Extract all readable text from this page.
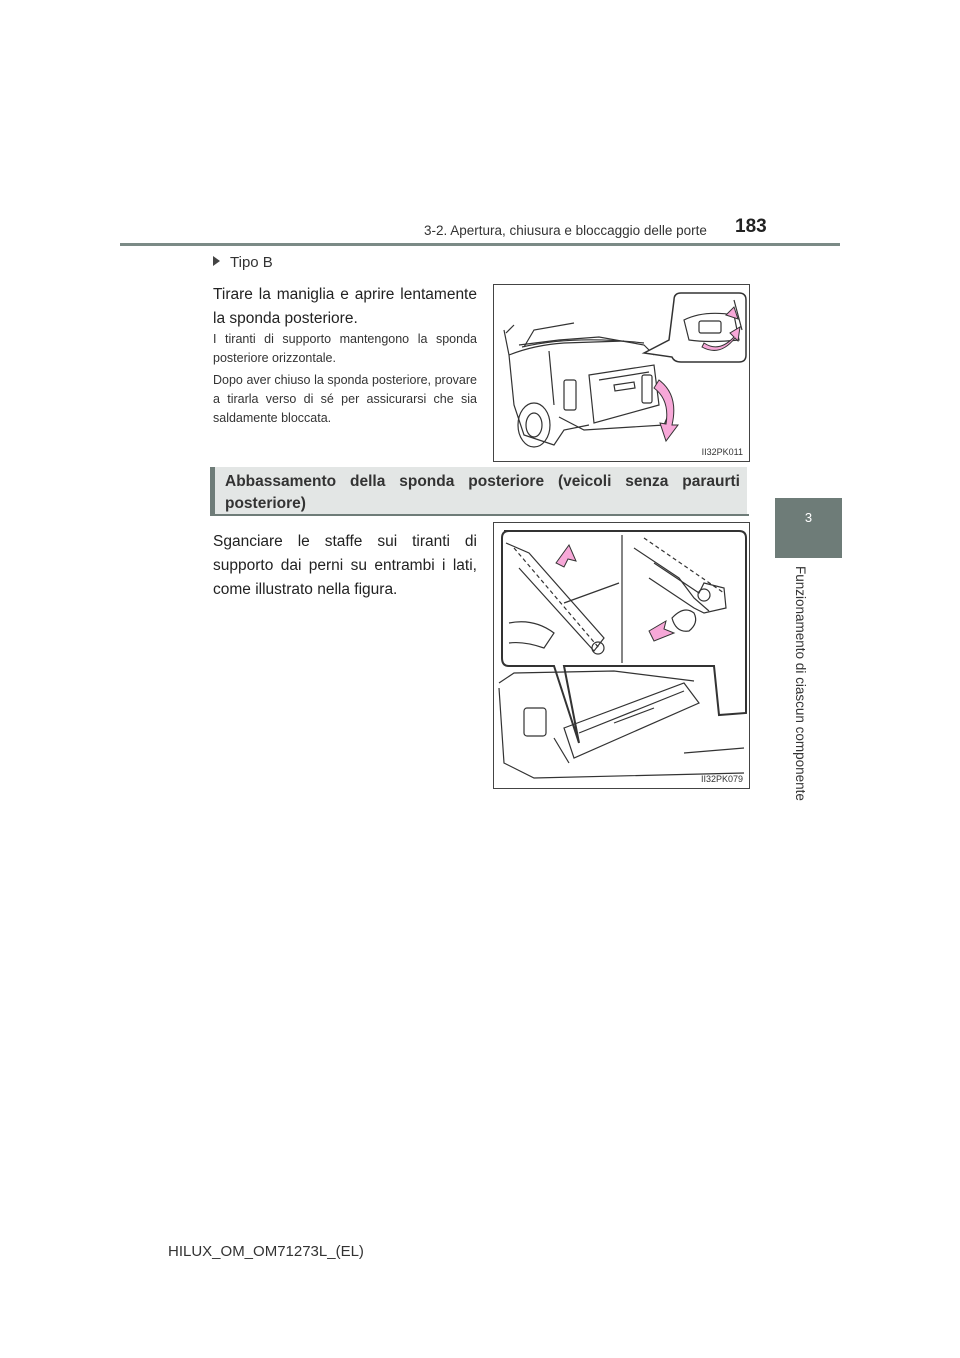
3-2. Apertura, chiusura e bloccaggio delle porte 183
3
Funzionamento di ciascun componente
Tipo B
Tirare la maniglia e aprire lentamente la sponda posteriore.
I tiranti di supporto mantengono la sponda posteriore orizzontale.
Dopo aver chiuso la sponda posteriore, provare a tirarla verso di sé per assicurarsi che sia saldamente bloccata.
II32PK011
Abbassamento della sponda posteriore (veicoli senza paraurti posteriore)
Sganciare le staffe sui tiranti di supporto dai perni su entrambi i lati, come illustrato nella figura.
II32PK079
HILUX_OM_OM71273L_(EL)
